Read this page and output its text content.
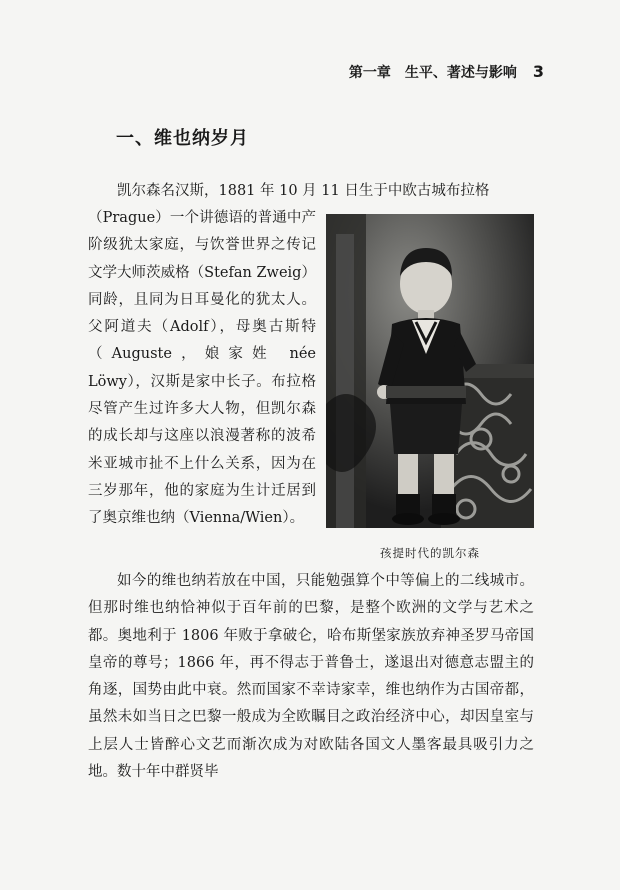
第一章 生平、著述与影响 3
一、维也纳岁月

凯尔森名汉斯，1881 年 10 月 11 日生于中欧古城布拉格

孩提时代的凯尔森
（Prague）一个讲德语的普通中产阶级犹太家庭，与饮誉世界之传记文学大师茨威格（Stefan Zweig）同龄，且同为日耳曼化的犹太人。父阿道夫（Adolf），母奥古斯特（Auguste，娘家姓 née Löwy），汉斯是家中长子。布拉格尽管产生过许多大人物，但凯尔森的成长却与这座以浪漫著称的波希米亚城市扯不上什么关系，因为在三岁那年，他的家庭为生计迁居到了奥京维也纳（Vienna/Wien）。

如今的维也纳若放在中国，只能勉强算个中等偏上的二线城市。但那时维也纳恰神似于百年前的巴黎，是整个欧洲的文学与艺术之都。奥地利于 1806 年败于拿破仑，哈布斯堡家族放弃神圣罗马帝国皇帝的尊号；1866 年，再不得志于普鲁士，遂退出对德意志盟主的角逐，国势由此中衰。然而国家不幸诗家幸，维也纳作为古国帝都，虽然未如当日之巴黎一般成为全欧瞩目之政治经济中心，却因皇室与上层人士皆醉心文艺而渐次成为对欧陆各国文人墨客最具吸引力之地。数十年中群贤毕
